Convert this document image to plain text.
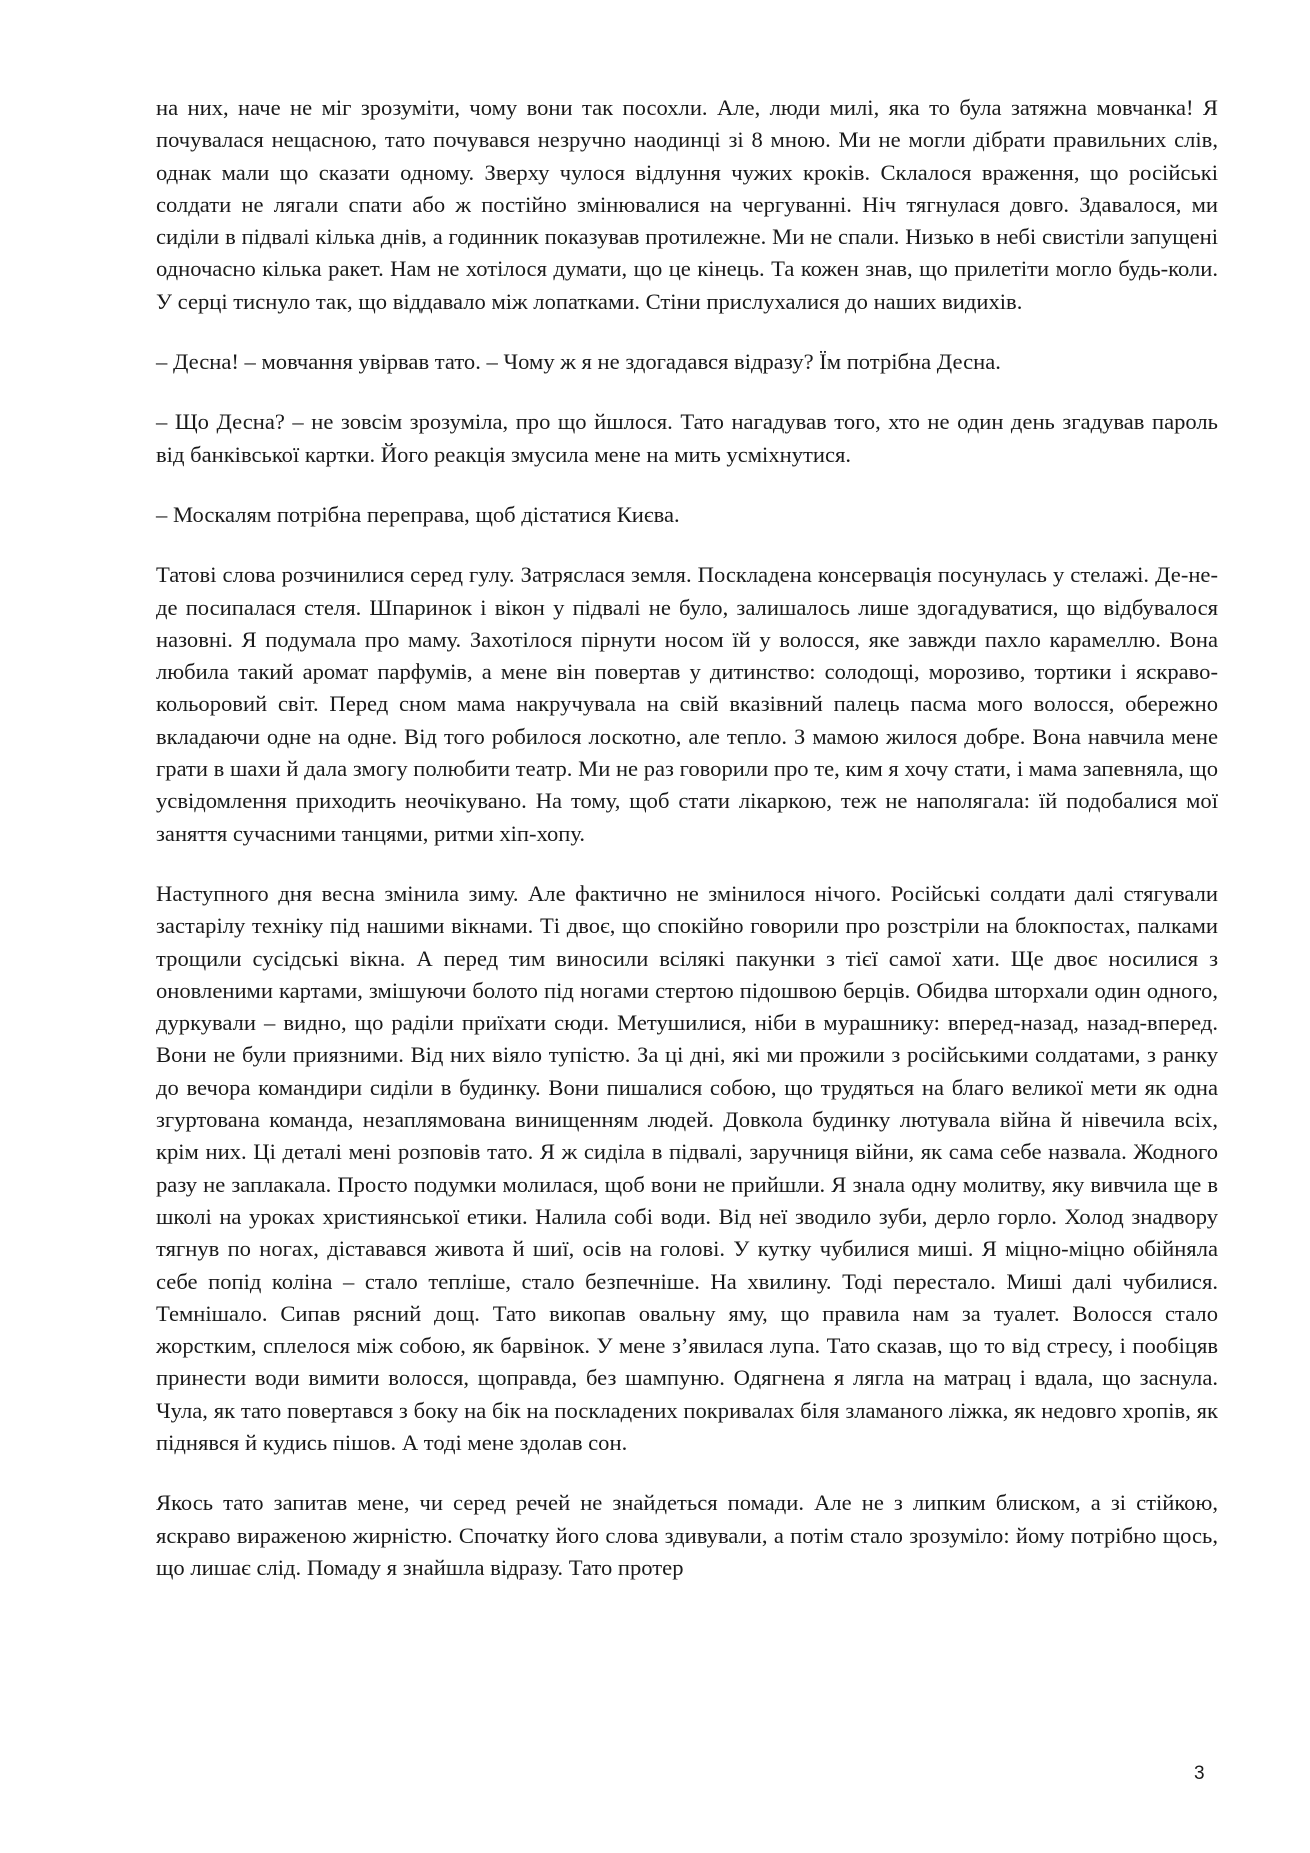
на них, наче не міг зрозуміти, чому вони так посохли. Але, люди милі, яка то була затяжна мовчанка! Я почувалася нещасною, тато почувався незручно наодинці зі 8 мною. Ми не могли дібрати правильних слів, однак мали що сказати одному. Зверху чулося відлуння чужих кроків. Склалося враження, що російські солдати не лягали спати або ж постійно змінювалися на чергуванні. Ніч тягнулася довго. Здавалося, ми сиділи в підвалі кілька днів, а годинник показував протилежне. Ми не спали. Низько в небі свистіли запущені одночасно кілька ракет. Нам не хотілося думати, що це кінець. Та кожен знав, що прилетіти могло будь-коли. У серці тиснуло так, що віддавало між лопатками. Стіни прислухалися до наших видихів.

– Десна! – мовчання увірвав тато. – Чому ж я не здогадався відразу? Їм потрібна Десна.

– Що Десна? – не зовсім зрозуміла, про що йшлося. Тато нагадував того, хто не один день згадував пароль від банківської картки. Його реакція змусила мене на мить усміхнутися.

– Москалям потрібна переправа, щоб дістатися Києва.

Татові слова розчинилися серед гулу. Затряслася земля. Посклaдена консервація посунулась у стелажі. Де-не-де посипалася стеля. Шпаринок і вікон у підвалі не було, залишалось лише здогадуватися, що відбувалося назовні. Я подумала про маму. Захотілося пірнути носом їй у волосся, яке завжди пахло карамеллю. Вона любила такий аромат парфумів, а мене він повертав у дитинство: солодощі, морозиво, тортики і яскраво-кольоровий світ. Перед сном мама накручувала на свій вказівний палець пасма мого волосся, обережно вкладаючи одне на одне. Від того робилося лоскотно, але тепло. З мамою жилося добре. Вона навчила мене грати в шахи й дала змогу полюбити театр. Ми не раз говорили про те, ким я хочу стати, і мама запевняла, що усвідомлення приходить неочікувано. На тому, щоб стати лікаркою, теж не наполягала: їй подобалися мої заняття сучасними танцями, ритми хіп-хопу.

Наступного дня весна змінила зиму. Але фактично не змінилося нічого. Російські солдати далі стягували застарілу техніку під нашими вікнами. Ті двоє, що спокійно говорили про розстріли на блокпостах, палками трощили сусідські вікна. А перед тим виносили всілякі пакунки з тієї самої хати. Ще двоє носилися з оновленими картами, змішуючи болото під ногами стертою підошвою берців. Обидва шторхали один одного, дуркували – видно, що раділи приїхати сюди. Метушилися, ніби в мурашнику: вперед-назад, назад-вперед. Вони не були приязними. Від них віяло тупістю. За ці дні, які ми прожили з російськими солдатами, з ранку до вечора командири сиділи в будинку. Вони пишалися собою, що трудяться на благо великої мети як одна згуртована команда, незаплямована винищенням людей. Довкола будинку лютувала війна й нівечила всіх, крім них. Ці деталі мені розповів тато. Я ж сиділа в підвалі, заручниця війни, як сама себе назвала. Жодного разу не заплакала. Просто подумки молилася, щоб вони не прийшли. Я знала одну молитву, яку вивчила ще в школі на уроках християнської етики. Налила собі води. Від неї зводило зуби, дерло горло. Холод знадвору тягнув по ногах, діставався живота й шиї, осів на голові. У кутку чубилися миші. Я міцно-міцно обійняла себе попід коліна – стало тепліше, стало безпечніше. На хвилину. Тоді перестало. Миші далі чубилися. Темнішало. Сипав рясний дощ. Тато викопав овальну яму, що правила нам за туалет. Волосся стало жорстким, сплелося між собою, як барвінок. У мене з’явилася лупа. Тато сказав, що то від стресу, і пообіцяв принести води вимити волосся, щоправда, без шампуню. Одягнена я лягла на матрац і вдала, що заснула. Чула, як тато повертався з боку на бік на посклaдених покривалах біля зламаного ліжка, як недовго хропів, як піднявся й кудись пішов. А тоді мене здолав сон.

Якось тато запитав мене, чи серед речей не знайдеться помади. Але не з липким блиском, а зі стійкою, яскраво вираженою жирністю. Спочатку його слова здивували, а потім стало зрозуміло: йому потрібно щось, що лишає слід. Помаду я знайшла відразу. Тато протер

3
